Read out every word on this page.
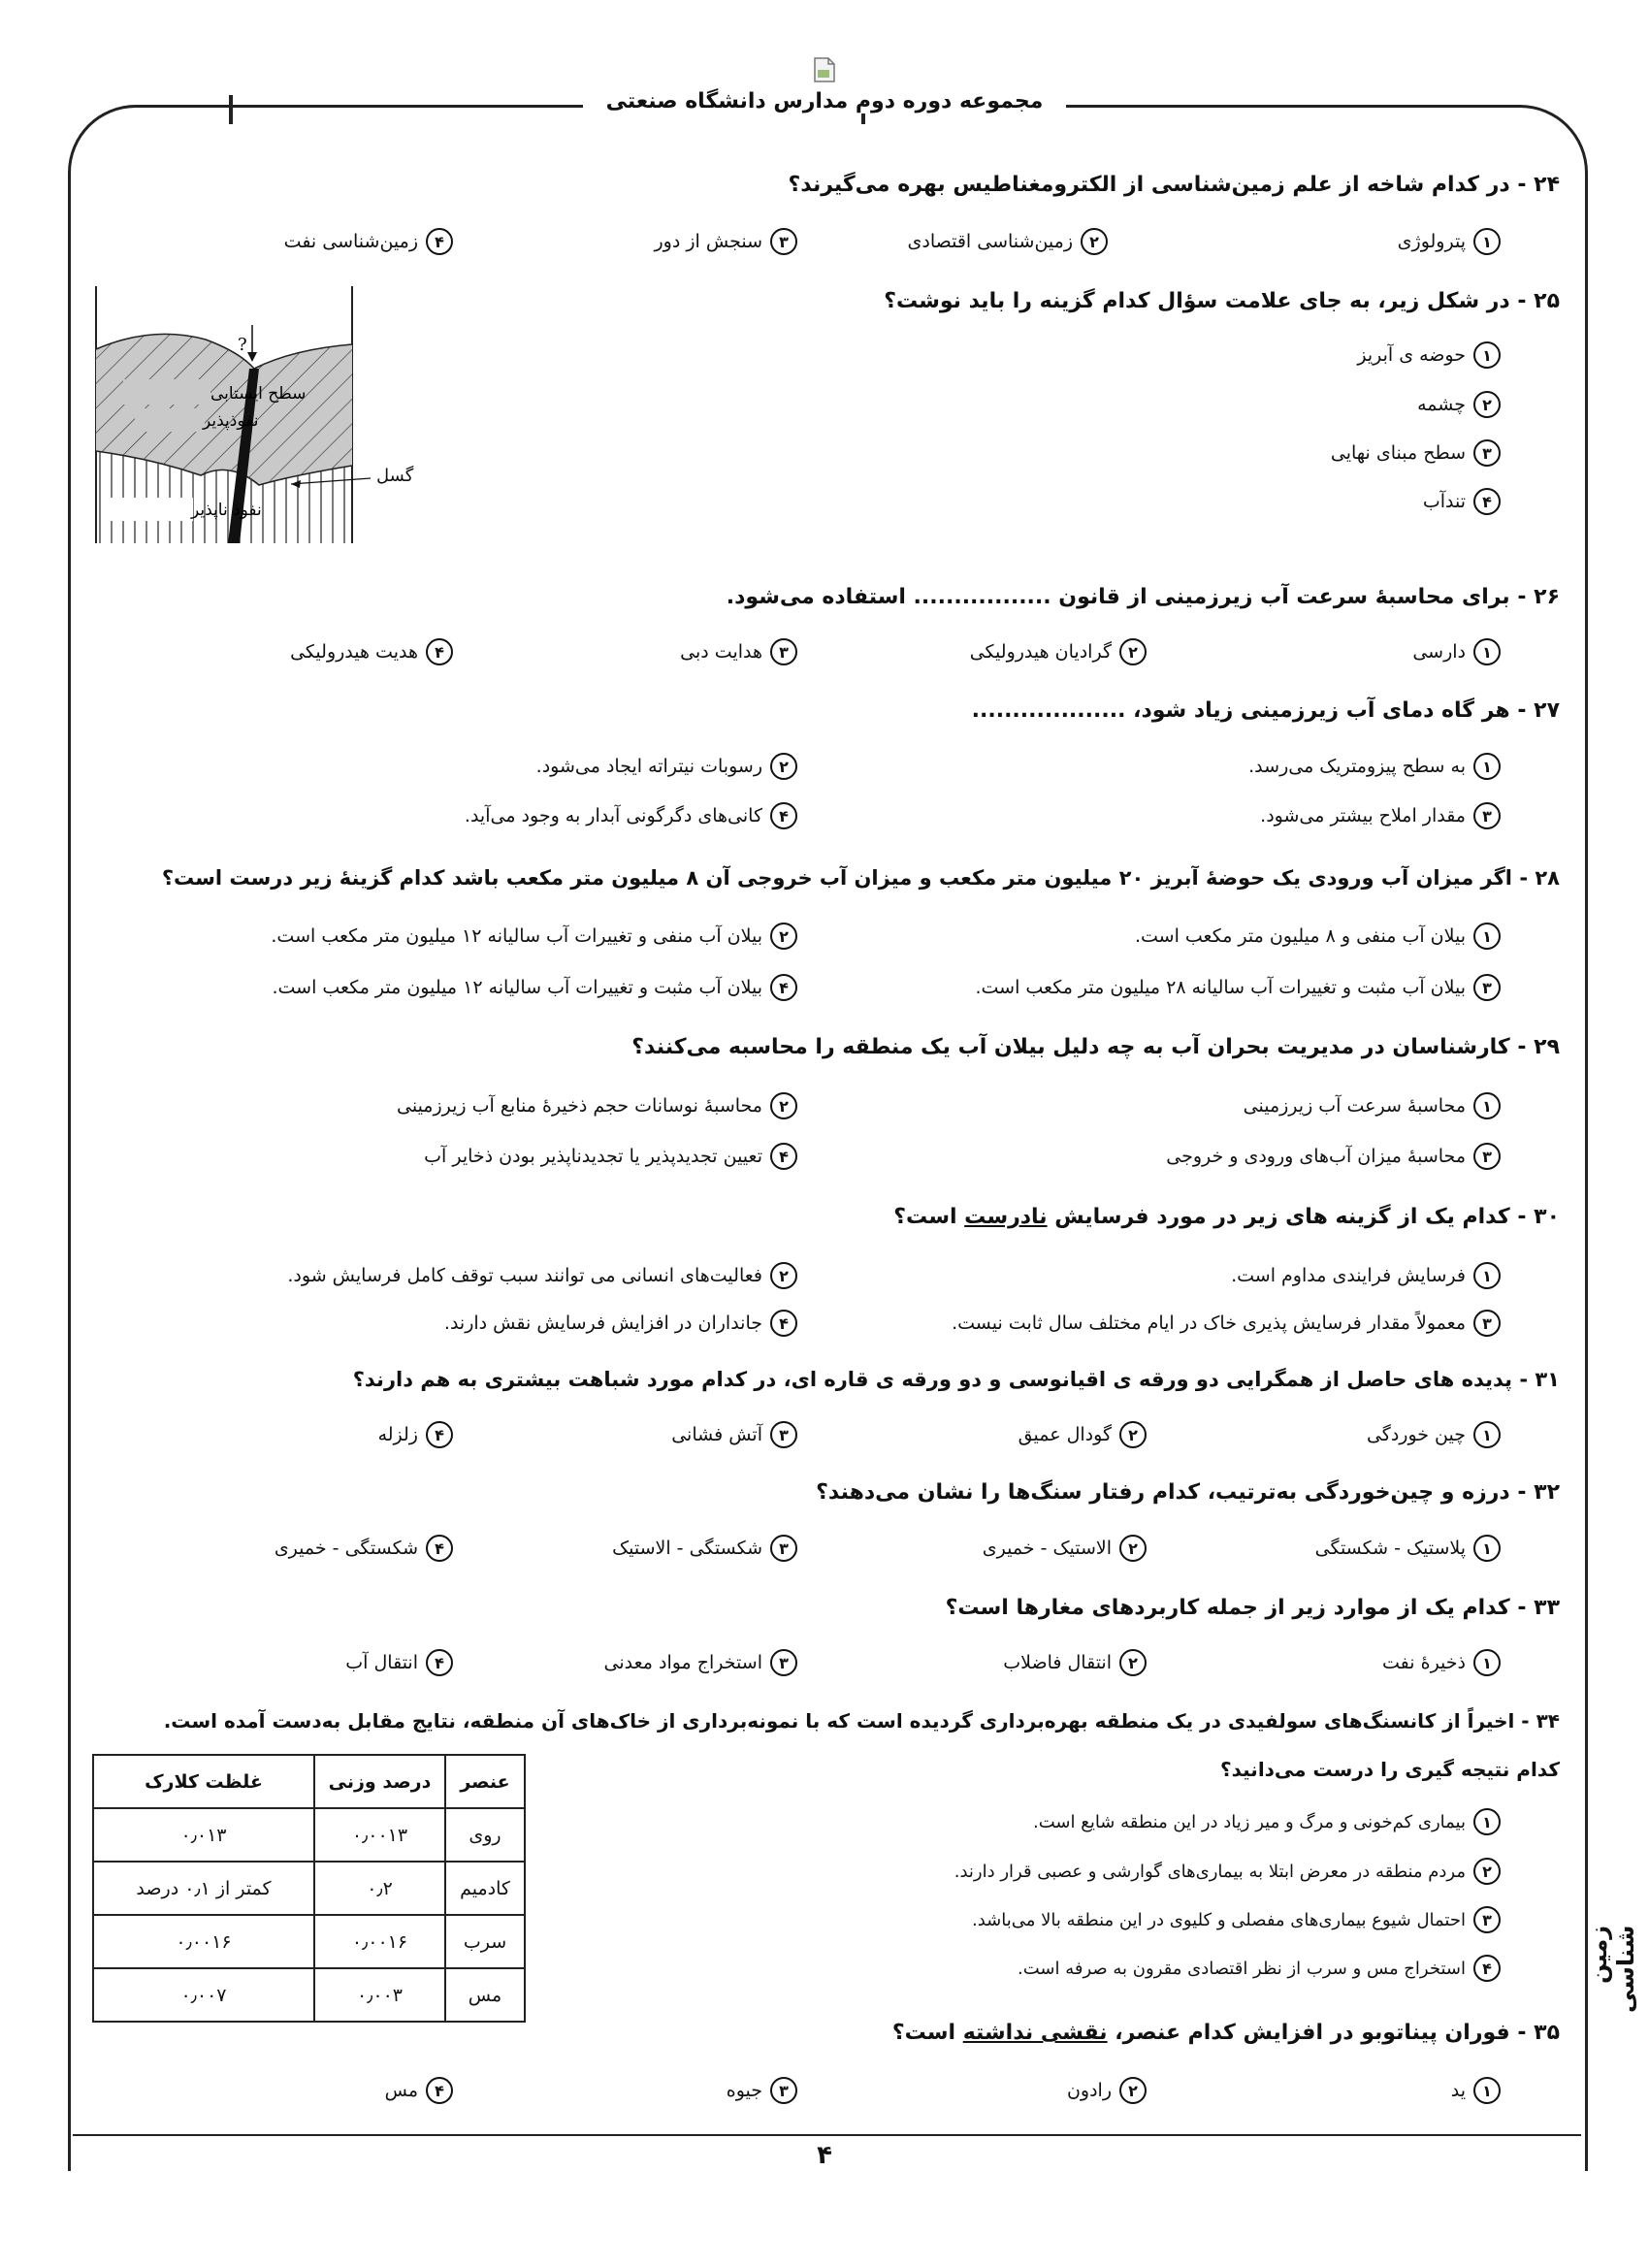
مجموعه دوره دوم مدارس دانشگاه صنعتی
۲۴ - در کدام شاخه از علم زمین‌شناسی از الکترومغناطیس بهره می‌گیرند؟
۱
پترولوژی
۲
زمین‌شناسی اقتصادی
۳
سنجش از دور
۴
زمین‌شناسی نفت
۲۵ - در شکل زیر، به جای علامت سؤال کدام گزینه را باید نوشت؟
۱
حوضه ی آبریز
۲
چشمه
۳
سطح مبنای نهایی
۴
تندآب
?
سطح ایستابی
نفوذپذیر
نفوذ ناپذیر
گسل
۲۶ - برای محاسبهٔ سرعت آب زیرزمینی از قانون ................. استفاده می‌شود.
۱
دارسی
۲
گرادیان هیدرولیکی
۳
هدایت دبی
۴
هدیت هیدرولیکی
۲۷ - هر گاه دمای آب زیرزمینی زیاد شود، ...................
۱
به سطح پیزومتریک می‌رسد.
۲
رسوبات نیتراته ایجاد می‌شود.
۳
مقدار املاح بیشتر می‌شود.
۴
کانی‌های دگرگونی آبدار به وجود می‌آید.
۲۸ - اگر میزان آب ورودی یک حوضهٔ آبریز ۲۰ میلیون متر مکعب و میزان آب خروجی آن ۸ میلیون متر مکعب باشد کدام گزینهٔ زیر درست است؟
۱
بیلان آب منفی و ۸ میلیون متر مکعب است.
۲
بیلان آب منفی و تغییرات آب سالیانه ۱۲ میلیون متر مکعب است.
۳
بیلان آب مثبت و تغییرات آب سالیانه ۲۸ میلیون متر مکعب است.
۴
بیلان آب مثبت و تغییرات آب سالیانه ۱۲ میلیون متر مکعب است.
۲۹ - کارشناسان در مدیریت بحران آب به چه دلیل بیلان آب یک منطقه را محاسبه می‌کنند؟
۱
محاسبهٔ سرعت آب زیرزمینی
۲
محاسبهٔ نوسانات حجم ذخیرهٔ منابع آب زیرزمینی
۳
محاسبهٔ میزان آب‌های ورودی و خروجی
۴
تعیین تجدیدپذیر یا تجدیدناپذیر بودن ذخایر آب
۳۰ - کدام یک از گزینه های زیر در مورد فرسایش نادرست است؟
۱
فرسایش فرایندی مداوم است.
۲
فعالیت‌های انسانی می توانند سبب توقف کامل فرسایش شود.
۳
معمولاً مقدار فرسایش پذیری خاک در ایام مختلف سال ثابت نیست.
۴
جانداران در افزایش فرسایش نقش دارند.
۳۱ - پدیده های حاصل از همگرایی دو ورقه ی اقیانوسی و دو ورقه ی قاره ای، در کدام مورد شباهت بیشتری به هم دارند؟
۱
چین خوردگی
۲
گودال عمیق
۳
آتش فشانی
۴
زلزله
۳۲ - درزه و چین‌خوردگی به‌ترتیب، کدام رفتار سنگ‌ها را نشان می‌دهند؟
۱
پلاستیک - شکستگی
۲
الاستیک - خمیری
۳
شکستگی - الاستیک
۴
شکستگی - خمیری
۳۳ - کدام یک از موارد زیر از جمله کاربردهای مغارها است؟
۱
ذخیرهٔ نفت
۲
انتقال فاضلاب
۳
استخراج مواد معدنی
۴
انتقال آب
۳۴ - اخیراً از کانسنگ‌های سولفیدی در یک منطقه بهره‌برداری گردیده است که با نمونه‌برداری از خاک‌های آن منطقه، نتایج مقابل به‌دست آمده است.
کدام نتیجه گیری را درست می‌دانید؟
۱
بیماری کم‌خونی و مرگ و میر زیاد در این منطقه شایع است.
۲
مردم منطقه در معرض ابتلا به بیماری‌های گوارشی و عصبی قرار دارند.
۳
احتمال شیوع بیماری‌های مفصلی و کلیوی در این منطقه بالا می‌باشد.
۴
استخراج مس و سرب از نظر اقتصادی مقرون به صرفه است.
عنصر	درصد وزنی	غلظت کلارک
روی	۰٫۰۰۱۳	۰٫۰۱۳
کادمیم	۰٫۲	کمتر از ۰٫۱ درصد
سرب	۰٫۰۰۱۶	۰٫۰۰۱۶
مس	۰٫۰۰۳	۰٫۰۰۷
۳۵ - فوران پیناتوبو در افزایش کدام عنصر، نقشی نداشته است؟
۱
ید
۲
رادون
۳
جیوه
۴
مس
زمین شناسی
۴
